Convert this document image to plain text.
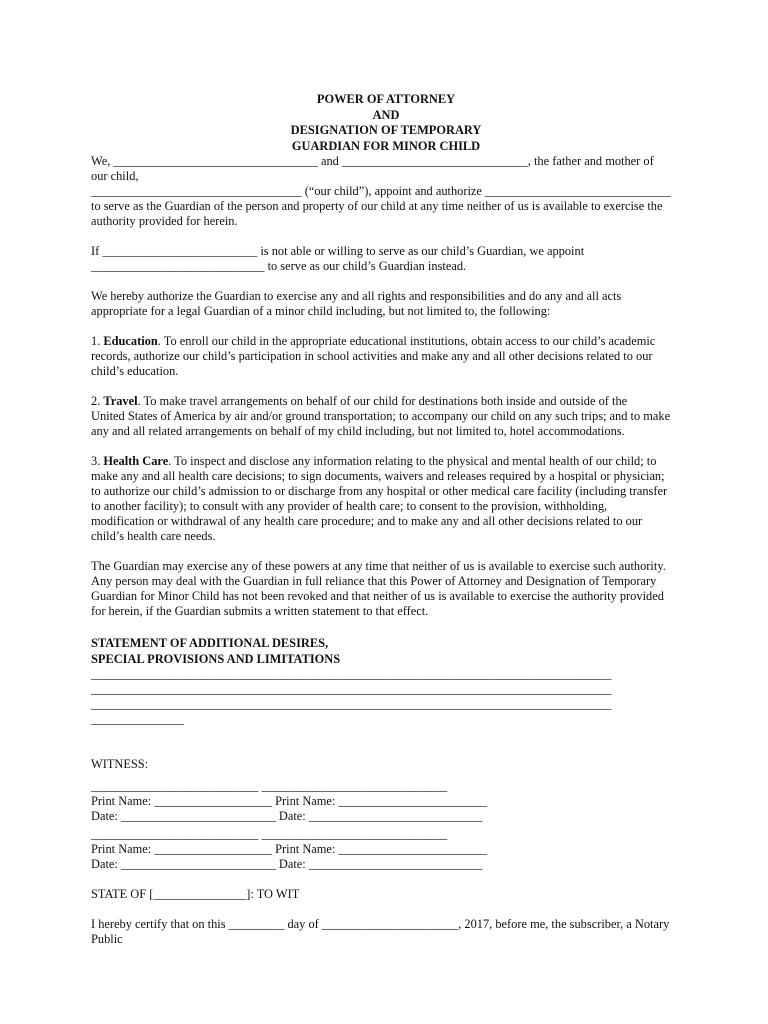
POWER OF ATTORNEY

AND

DESIGNATION OF TEMPORARY

GUARDIAN FOR MINOR CHILD

We, _________________________________ and ______________________________, the father and mother of

our child,

__________________________________ (“our child”), appoint and authorize ______________________________

to serve as the Guardian of the person and property of our child at any time neither of us is available to exercise the

authority provided for herein.

If _________________________ is not able or willing to serve as our child’s Guardian, we appoint

____________________________ to serve as our child’s Guardian instead.

We hereby authorize the Guardian to exercise any and all rights and responsibilities and do any and all acts

appropriate for a legal Guardian of a minor child including, but not limited to, the following:

1. Education. To enroll our child in the appropriate educational institutions, obtain access to our child’s academic

records, authorize our child’s participation in school activities and make any and all other decisions related to our

child’s education.

2. Travel. To make travel arrangements on behalf of our child for destinations both inside and outside of the

United States of America by air and/or ground transportation; to accompany our child on any such trips; and to make

any and all related arrangements on behalf of my child including, but not limited to, hotel accommodations.

3. Health Care. To inspect and disclose any information relating to the physical and mental health of our child; to

make any and all health care decisions; to sign documents, waivers and releases required by a hospital or physician;

to authorize our child’s admission to or discharge from any hospital or other medical care facility (including transfer

to another facility); to consult with any provider of health care; to consent to the provision, withholding,

modification or withdrawal of any health care procedure; and to make any and all other decisions related to our

child’s health care needs.

The Guardian may exercise any of these powers at any time that neither of us is available to exercise such authority.

Any person may deal with the Guardian in full reliance that this Power of Attorney and Designation of Temporary

Guardian for Minor Child has not been revoked and that neither of us is available to exercise the authority provided

for herein, if the Guardian submits a written statement to that effect.

STATEMENT OF ADDITIONAL DESIRES,

SPECIAL PROVISIONS AND LIMITATIONS

____________________________________________________________________________________

____________________________________________________________________________________

____________________________________________________________________________________

_______________

WITNESS:

___________________________ ______________________________

Print Name: ___________________ Print Name: ________________________

Date: _________________________ Date: ____________________________

___________________________ ______________________________

Print Name: ___________________ Print Name: ________________________

Date: _________________________ Date: ____________________________

STATE OF [_______________]: TO WIT

I hereby certify that on this _________ day of ______________________, 2017, before me, the subscriber, a Notary

Public
